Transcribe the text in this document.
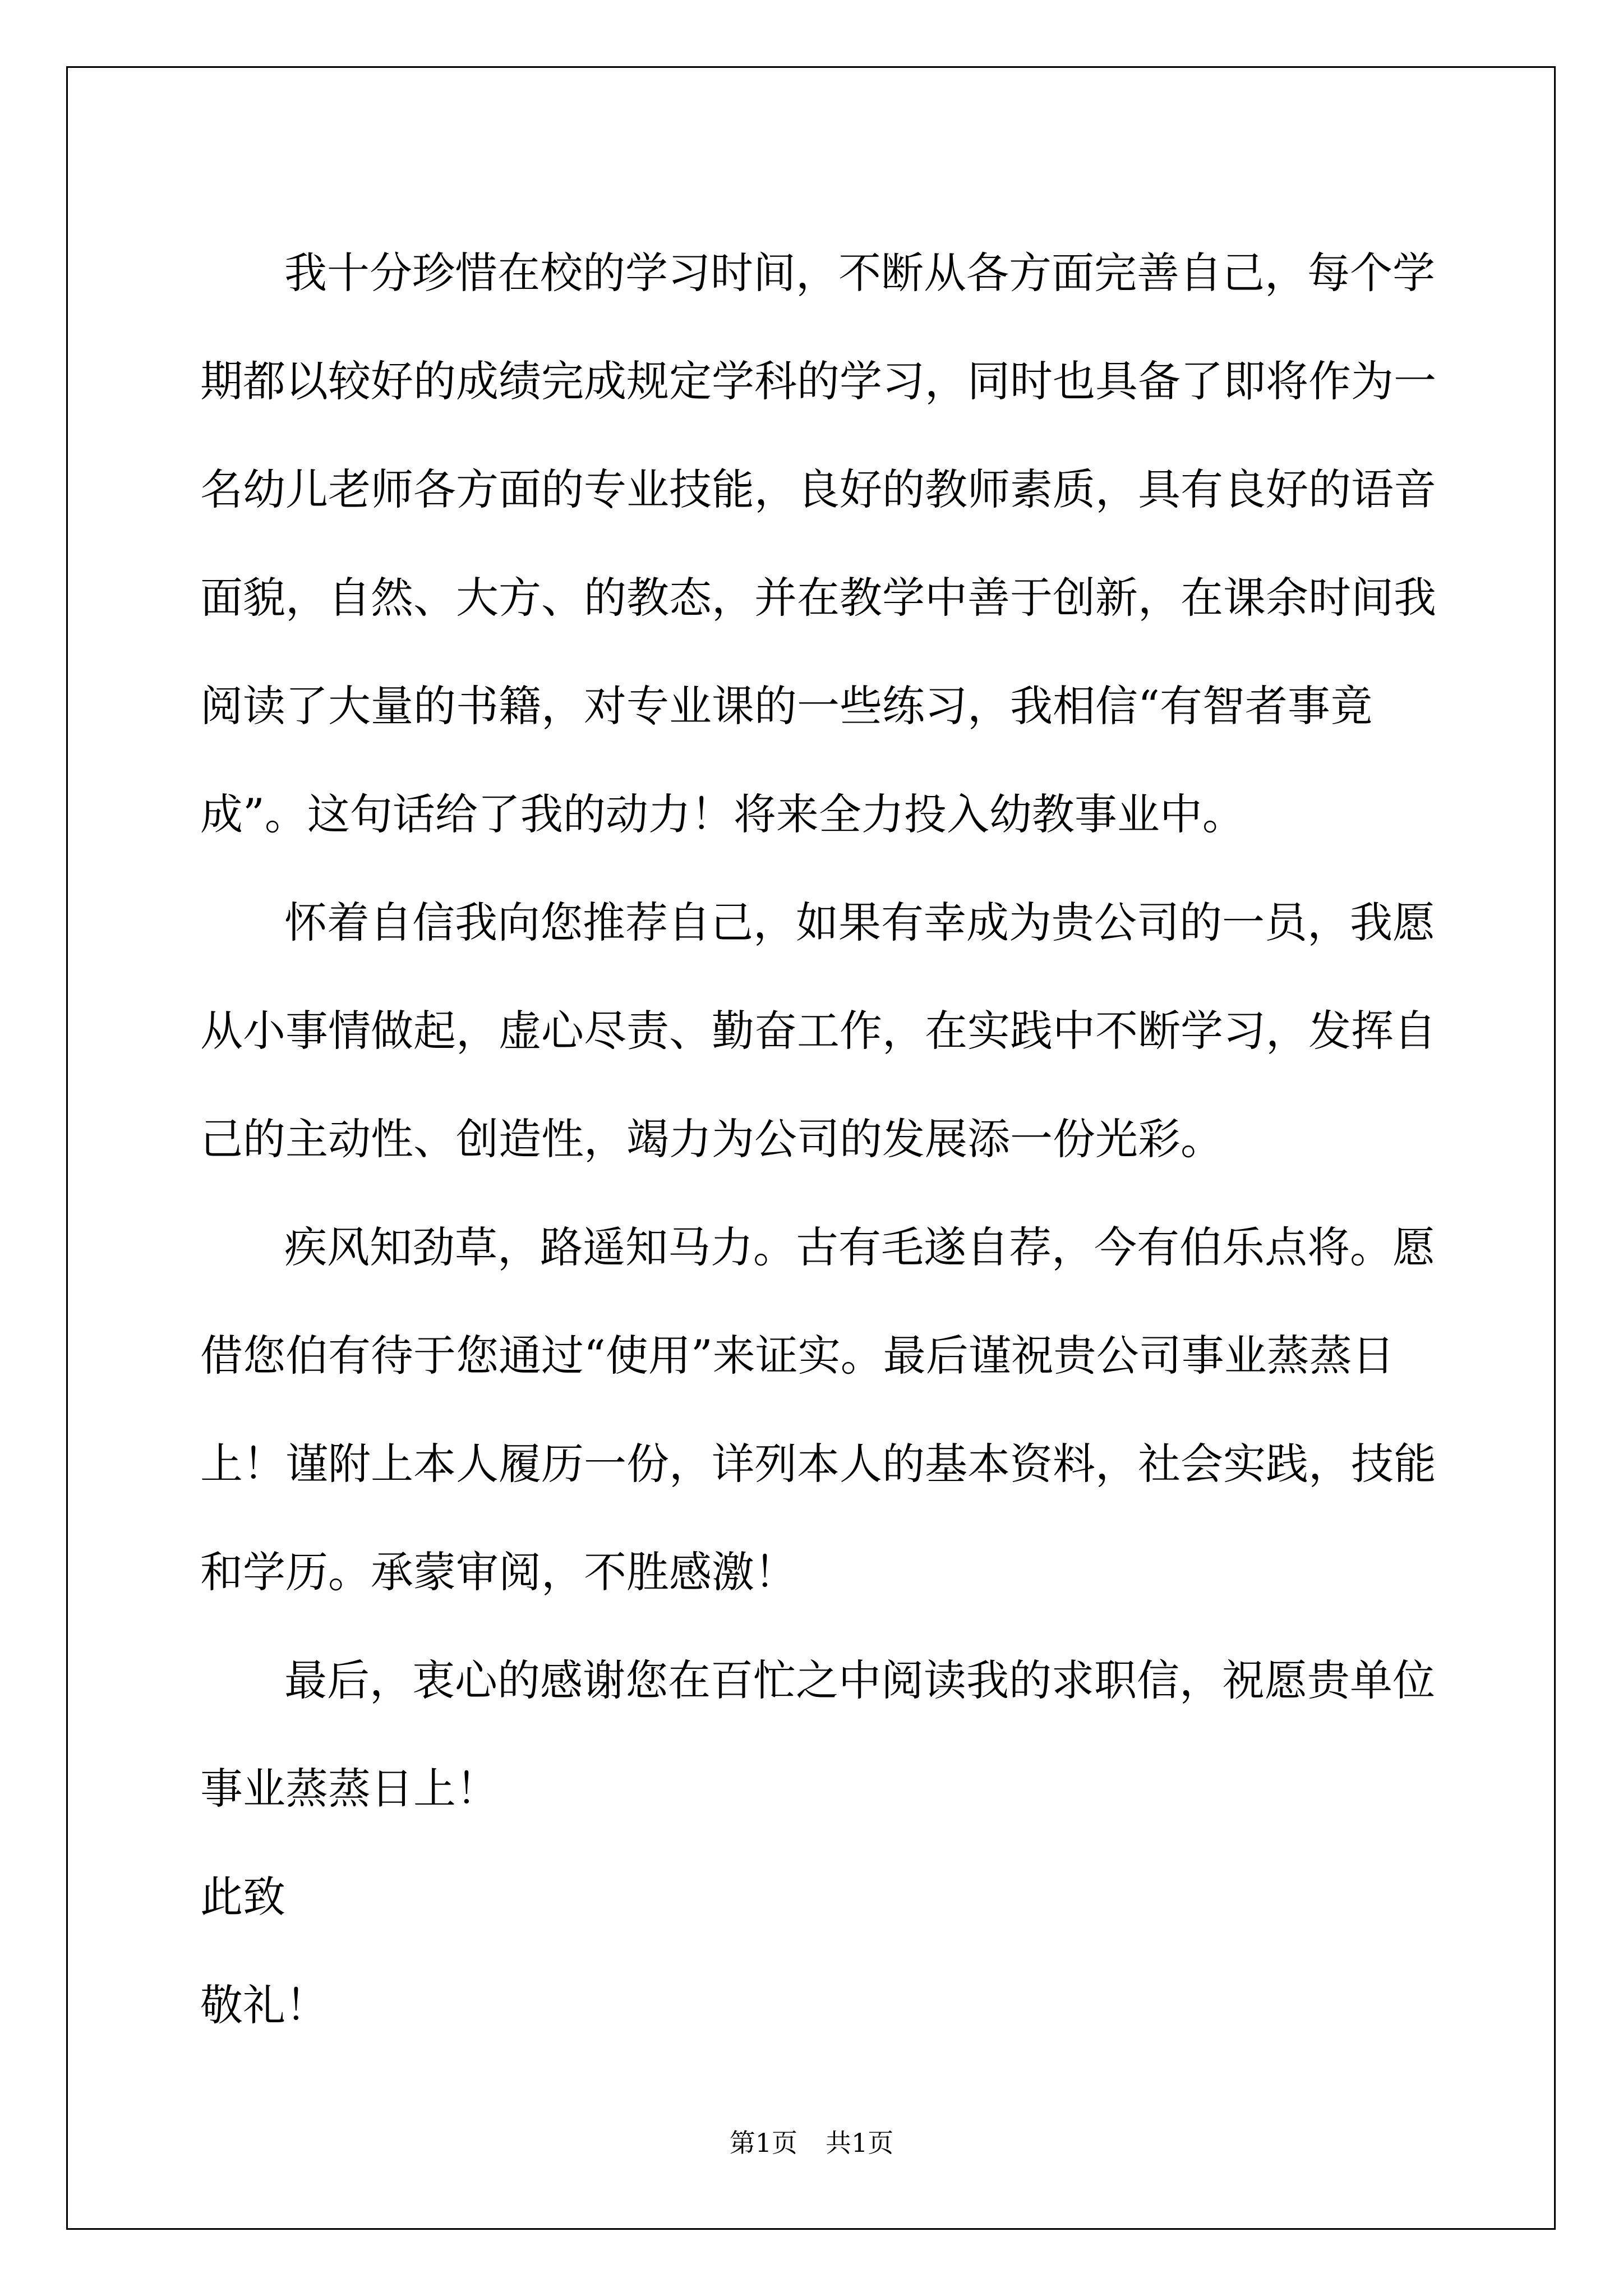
我十分珍惜在校的学习时间，不断从各方面完善自己，每个学期都以较好的成绩完成规定学科的学习，同时也具备了即将作为一名幼儿老师各方面的专业技能，良好的教师素质，具有良好的语音面貌，自然、大方、的教态，并在教学中善于创新，在课余时间我阅读了大量的书籍，对专业课的一些练习，我相信“有智者事竟成”。这句话给了我的动力！将来全力投入幼教事业中。

怀着自信我向您推荐自己，如果有幸成为贵公司的一员，我愿从小事情做起，虚心尽责、勤奋工作，在实践中不断学习，发挥自己的主动性、创造性，竭力为公司的发展添一份光彩。

疾风知劲草，路遥知马力。古有毛遂自荐，今有伯乐点将。愿借您伯有待于您通过“使用”来证实。最后谨祝贵公司事业蒸蒸日上！谨附上本人履历一份，详列本人的基本资料，社会实践，技能和学历。承蒙审阅，不胜感激！

最后，衷心的感谢您在百忙之中阅读我的求职信，祝愿贵单位事业蒸蒸日上！

此致

敬礼！

第1页 共1页
